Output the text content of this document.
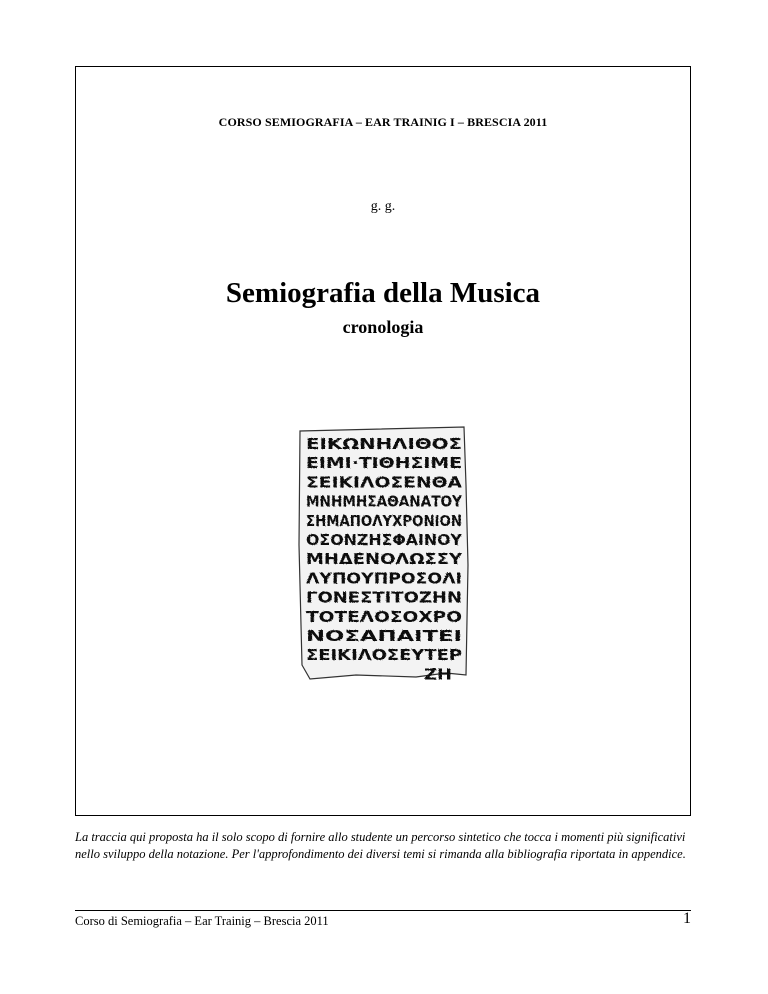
CORSO SEMIOGRAFIA – EAR TRAINIG I – BRESCIA 2011
g. g.
Semiografia della Musica
cronologia
ΕΙΚΩΝΗΛΙΘΟΣ
ΕΙΜΙ·ΤΙΘΗΣΙΜΕ
ΣΕΙΚΙΛΟΣΕΝΘΑ
ΜΝΗΜΗΣΑΘΑΝΑΤΟΥ
ΣΗΜΑΠΟΛΥΧΡΟΝΙΟΝ
ΟΣΟΝΖΗΣΦΑΙΝΟΥ
ΜΗΔΕΝΟΛΩΣΣΥ
ΛΥΠΟΥΠΡΟΣΟΛΙ
ΓΟΝΕΣΤΙΤΟΖΗΝ
ΤΟΤΕΛΟΣΟΧΡΟ
ΝΟΣΑΠΑΙΤΕΙ
ΣΕΙΚΙΛΟΣΕΥΤΕΡ
ΖΗ
La traccia qui proposta ha il solo scopo di fornire allo studente un percorso sintetico che tocca i momenti più significativi nello sviluppo della notazione. Per l'approfondimento dei diversi temi si rimanda alla bibliografia riportata in appendice.
Corso di Semiografia – Ear Trainig – Brescia 2011	1
